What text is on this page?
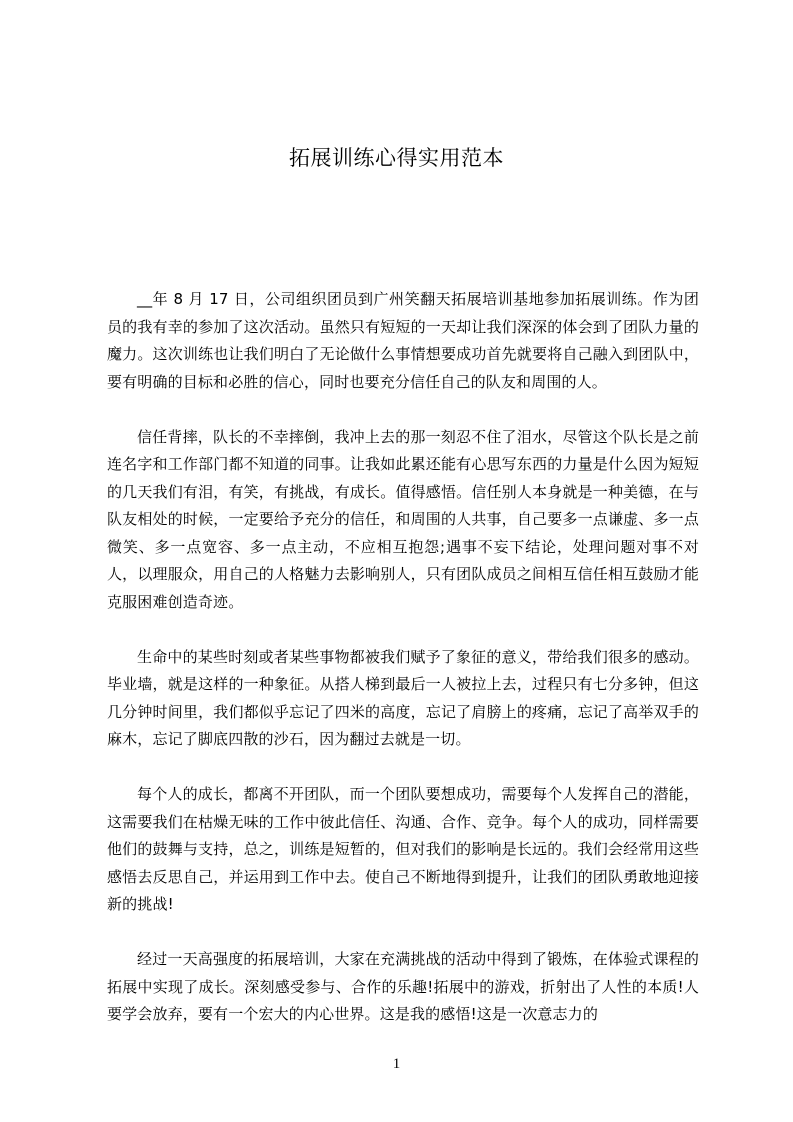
拓展训练心得实用范本

__年 8 月 17 日，公司组织团员到广州笑翻天拓展培训基地参加拓展训练。作为团员的我有幸的参加了这次活动。虽然只有短短的一天却让我们深深的体会到了团队力量的魔力。这次训练也让我们明白了无论做什么事情想要成功首先就要将自己融入到团队中，要有明确的目标和必胜的信心，同时也要充分信任自己的队友和周围的人。

信任背摔，队长的不幸摔倒，我冲上去的那一刻忍不住了泪水，尽管这个队长是之前连名字和工作部门都不知道的同事。让我如此累还能有心思写东西的力量是什么因为短短的几天我们有泪，有笑，有挑战，有成长。值得感悟。信任别人本身就是一种美德，在与队友相处的时候，一定要给予充分的信任，和周围的人共事，自己要多一点谦虚、多一点微笑、多一点宽容、多一点主动，不应相互抱怨;遇事不妄下结论，处理问题对事不对人，以理服众，用自己的人格魅力去影响别人，只有团队成员之间相互信任相互鼓励才能克服困难创造奇迹。

生命中的某些时刻或者某些事物都被我们赋予了象征的意义，带给我们很多的感动。毕业墙，就是这样的一种象征。从搭人梯到最后一人被拉上去，过程只有七分多钟，但这几分钟时间里，我们都似乎忘记了四米的高度，忘记了肩膀上的疼痛，忘记了高举双手的麻木，忘记了脚底四散的沙石，因为翻过去就是一切。

每个人的成长，都离不开团队，而一个团队要想成功，需要每个人发挥自己的潜能，这需要我们在枯燥无味的工作中彼此信任、沟通、合作、竞争。每个人的成功，同样需要他们的鼓舞与支持，总之，训练是短暂的，但对我们的影响是长远的。我们会经常用这些感悟去反思自己，并运用到工作中去。使自己不断地得到提升，让我们的团队勇敢地迎接新的挑战!

经过一天高强度的拓展培训，大家在充满挑战的活动中得到了锻炼，在体验式课程的拓展中实现了成长。深刻感受参与、合作的乐趣!拓展中的游戏，折射出了人性的本质!人要学会放弃，要有一个宏大的内心世界。这是我的感悟!这是一次意志力的

1
